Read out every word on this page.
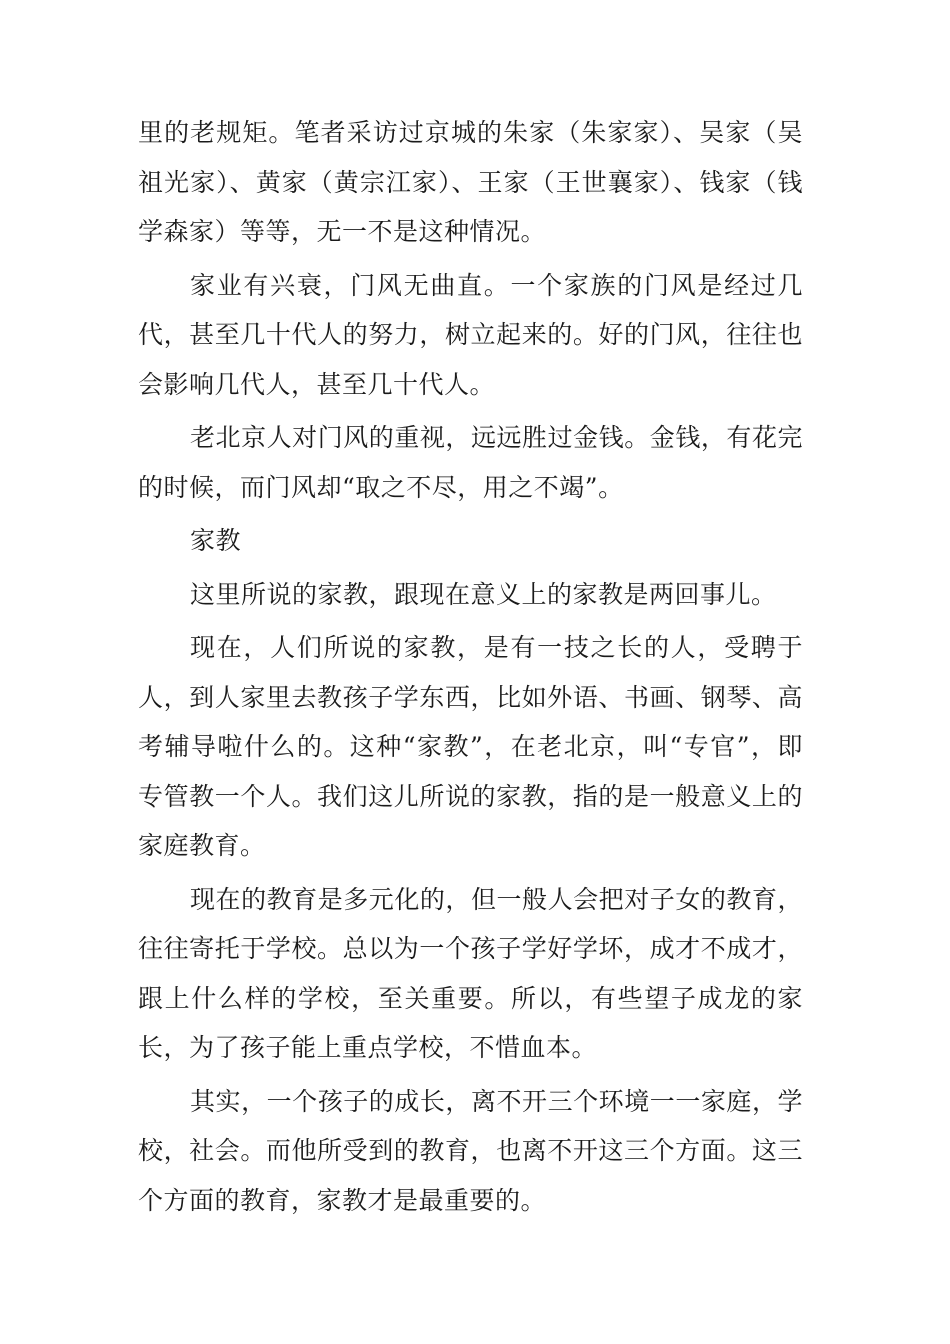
里的老规矩。笔者采访过京城的朱家（朱家家）、吴家（吴祖光家）、黄家（黄宗江家）、王家（王世襄家）、钱家（钱学森家）等等，无一不是这种情况。

家业有兴衰，门风无曲直。一个家族的门风是经过几代，甚至几十代人的努力，树立起来的。好的门风，往往也会影响几代人，甚至几十代人。

老北京人对门风的重视，远远胜过金钱。金钱，有花完的时候，而门风却“取之不尽，用之不竭”。

家教

这里所说的家教，跟现在意义上的家教是两回事儿。

现在，人们所说的家教，是有一技之长的人，受聘于人，到人家里去教孩子学东西，比如外语、书画、钢琴、高考辅导啦什么的。这种“家教”，在老北京，叫“专官”，即专管教一个人。我们这儿所说的家教，指的是一般意义上的家庭教育。

现在的教育是多元化的，但一般人会把对子女的教育，往往寄托于学校。总以为一个孩子学好学坏，成才不成才，跟上什么样的学校，至关重要。所以，有些望子成龙的家长，为了孩子能上重点学校，不惜血本。

其实，一个孩子的成长，离不开三个环境一一家庭，学校，社会。而他所受到的教育，也离不开这三个方面。这三个方面的教育，家教才是最重要的。
